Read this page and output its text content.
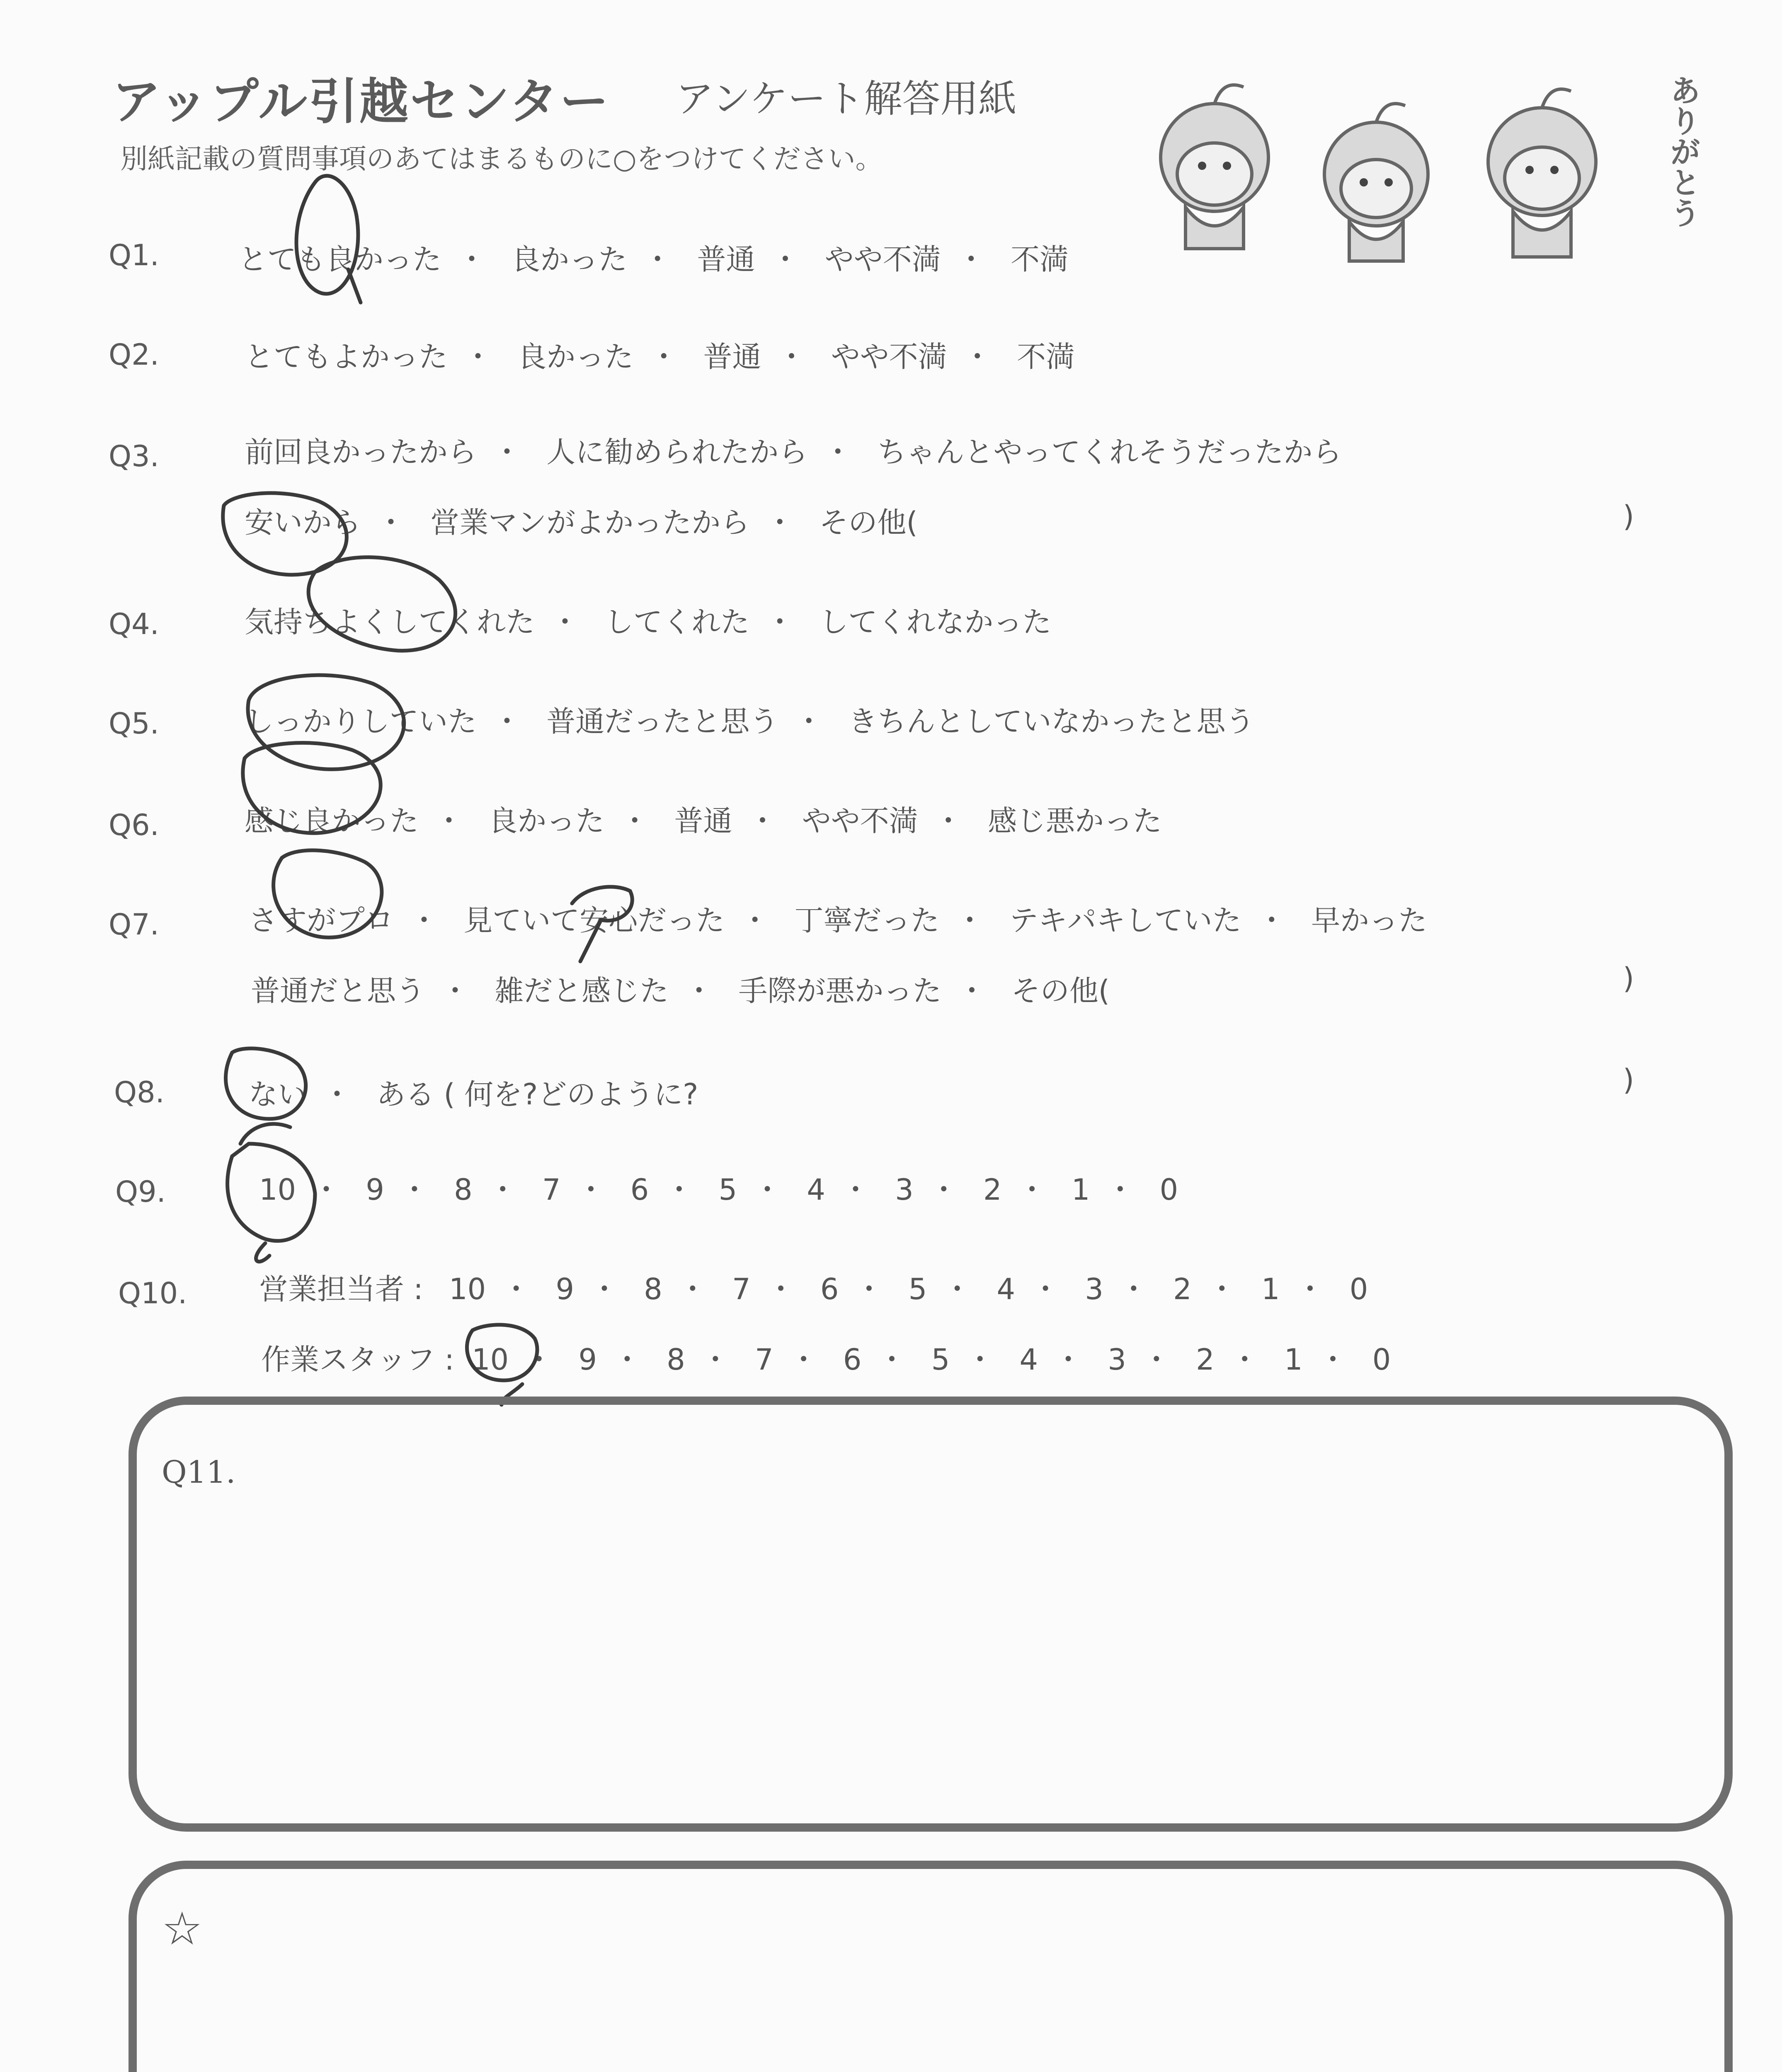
アップル引越センター アンケート解答用紙
別紙記載の質問事項のあてはまるものに○をつけてください。	ありがとう
Q1.	とても良かった ・ 良かった ・ 普通 ・ やや不満 ・ 不満
Q2.	とてもよかった ・ 良かった ・ 普通 ・ やや不満 ・ 不満
Q3.	前回良かったから ・ 人に勧められたから ・ ちゃんとやってくれそうだったから
安いから ・ 営業マンがよかったから ・ その他(	)
Q4.	気持ちよくしてくれた ・ してくれた ・ してくれなかった
Q5.	しっかりしていた ・ 普通だったと思う ・ きちんとしていなかったと思う
Q6.	感じ良かった ・ 良かった ・ 普通 ・ やや不満 ・ 感じ悪かった
Q7.	さすがプロ ・ 見ていて安心だった ・ 丁寧だった ・ テキパキしていた ・ 早かった
普通だと思う ・ 雑だと感じた ・ 手際が悪かった ・ その他(	)
Q8.	ない ・ ある ( 何を?どのように?	)
Q9.	10 ・ 9 ・ 8 ・ 7 ・ 6 ・ 5 ・ 4 ・ 3 ・ 2 ・ 1 ・ 0
Q10. 営業担当者 : 10 ・ 9 ・ 8 ・ 7 ・ 6 ・ 5 ・ 4 ・ 3 ・ 2 ・ 1 ・ 0
作業スタッフ : 10 ・ 9 ・ 8 ・ 7 ・ 6 ・ 5 ・ 4 ・ 3 ・ 2 ・ 1 ・ 0
Q11.
☆
